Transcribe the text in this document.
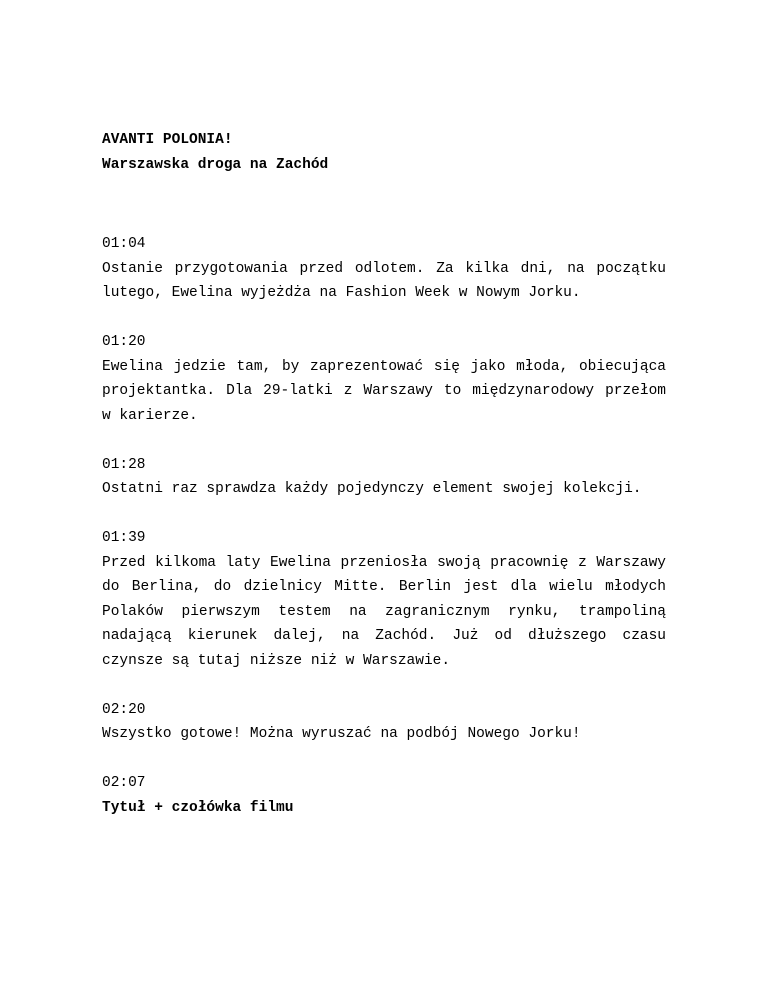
AVANTI POLONIA!

Warszawska droga na Zachód

01:04

Ostanie przygotowania przed odlotem. Za kilka dni, na początku lutego, Ewelina wyjeżdża na Fashion Week w Nowym Jorku.

01:20

Ewelina jedzie tam, by zaprezentować się jako młoda, obiecująca projektantka. Dla 29-latki z Warszawy to międzynarodowy przełom w karierze.

01:28

Ostatni raz sprawdza każdy pojedynczy element swojej kolekcji.

01:39

Przed kilkoma laty Ewelina przeniosła swoją pracownię z Warszawy do Berlina, do dzielnicy Mitte. Berlin jest dla wielu młodych Polaków pierwszym testem na zagranicznym rynku, trampoliną nadającą kierunek dalej, na Zachód. Już od dłuższego czasu czynsze są tutaj niższe niż w Warszawie.

02:20

Wszystko gotowe! Można wyruszać na podbój Nowego Jorku!

02:07

Tytuł + czołówka filmu
